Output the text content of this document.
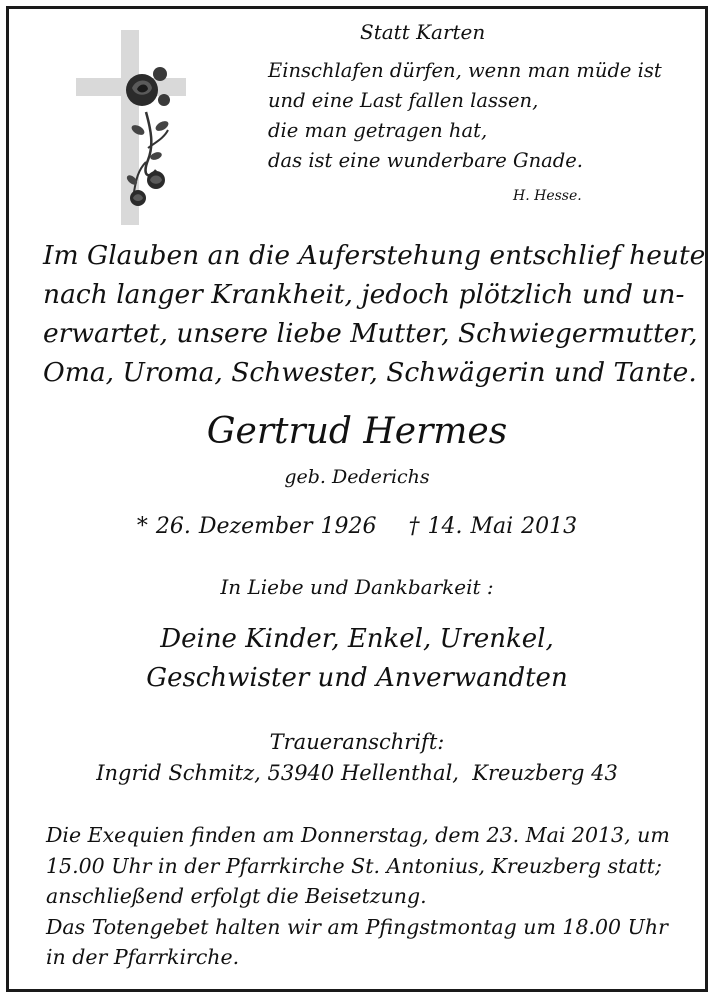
Statt Karten
Einschlafen dürfen, wenn man müde ist
und eine Last fallen lassen,
die man getragen hat,
das ist eine wunderbare Gnade.
H. Hesse.
Im Glauben an die Auferstehung entschlief heute
nach langer Krankheit, jedoch plötzlich und un-
erwartet, unsere liebe Mutter, Schwiegermutter,
Oma, Uroma, Schwester, Schwägerin und Tante.
Gertrud Hermes
geb. Dederichs
* 26. Dezember 1926    † 14. Mai 2013
In Liebe und Dankbarkeit :
Deine Kinder, Enkel, Urenkel,
Geschwister und Anverwandten
Traueranschrift:
Ingrid Schmitz, 53940 Hellenthal,  Kreuzberg 43
Die Exequien finden am Donnerstag, dem 23. Mai 2013, um
15.00 Uhr in der Pfarrkirche St. Antonius, Kreuzberg statt;
anschließend erfolgt die Beisetzung.
Das Totengebet halten wir am Pfingstmontag um 18.00 Uhr
in der Pfarrkirche.
